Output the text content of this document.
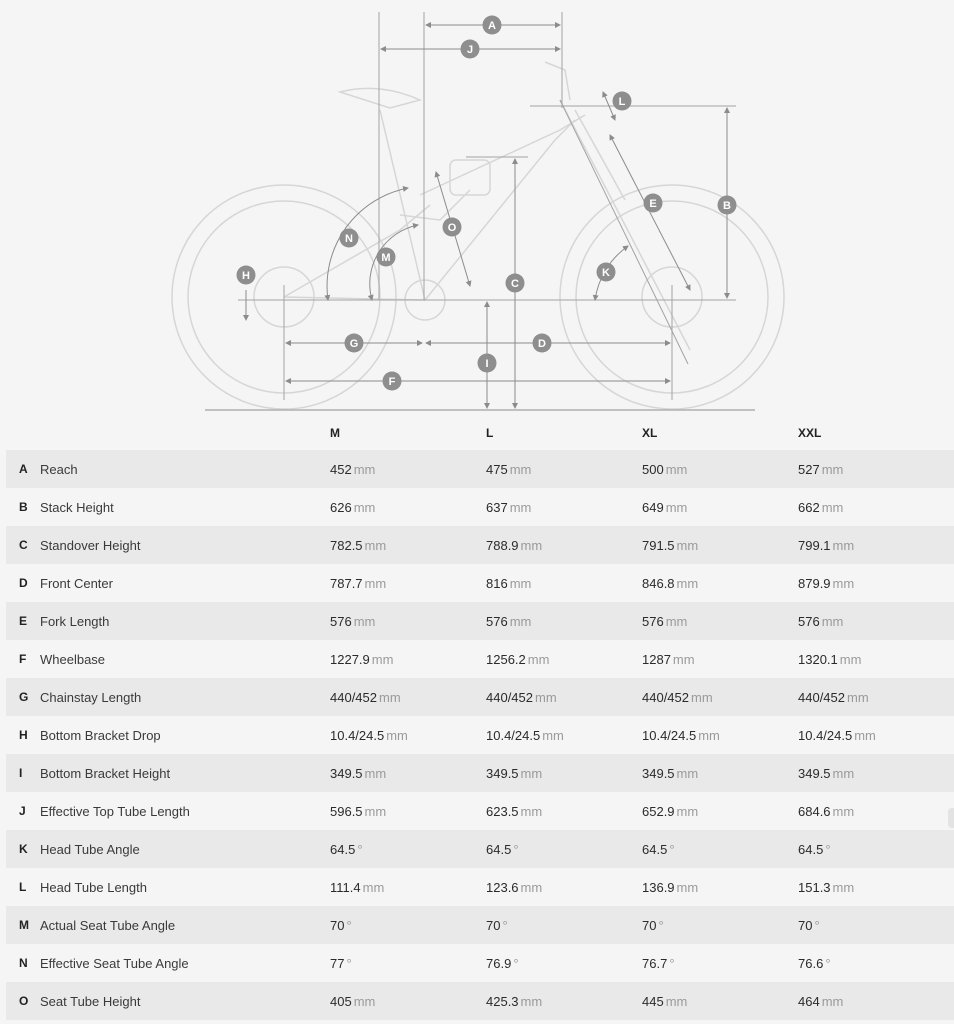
A
B
C
D
E
F
G
H
I
J
K
L
M
N
O
M	L	XL	XXL
A Reach	452 mm	475 mm	500 mm	527 mm
B Stack Height	626 mm	637 mm	649 mm	662 mm
C Standover Height	782.5 mm	788.9 mm	791.5 mm	799.1 mm
D Front Center	787.7 mm	816 mm	846.8 mm	879.9 mm
E Fork Length	576 mm	576 mm	576 mm	576 mm
F Wheelbase	1227.9 mm	1256.2 mm	1287 mm	1320.1 mm
G Chainstay Length	440/452 mm	440/452 mm	440/452 mm	440/452 mm
H Bottom Bracket Drop	10.4/24.5 mm	10.4/24.5 mm	10.4/24.5 mm	10.4/24.5 mm
I Bottom Bracket Height	349.5 mm	349.5 mm	349.5 mm	349.5 mm
J Effective Top Tube Length	596.5 mm	623.5 mm	652.9 mm	684.6 mm
K Head Tube Angle	64.5 °	64.5 °	64.5 °	64.5 °
L Head Tube Length	111.4 mm	123.6 mm	136.9 mm	151.3 mm
M Actual Seat Tube Angle	70 °	70 °	70 °	70 °
N Effective Seat Tube Angle	77 °	76.9 °	76.7 °	76.6 °
O Seat Tube Height	405 mm	425.3 mm	445 mm	464 mm
